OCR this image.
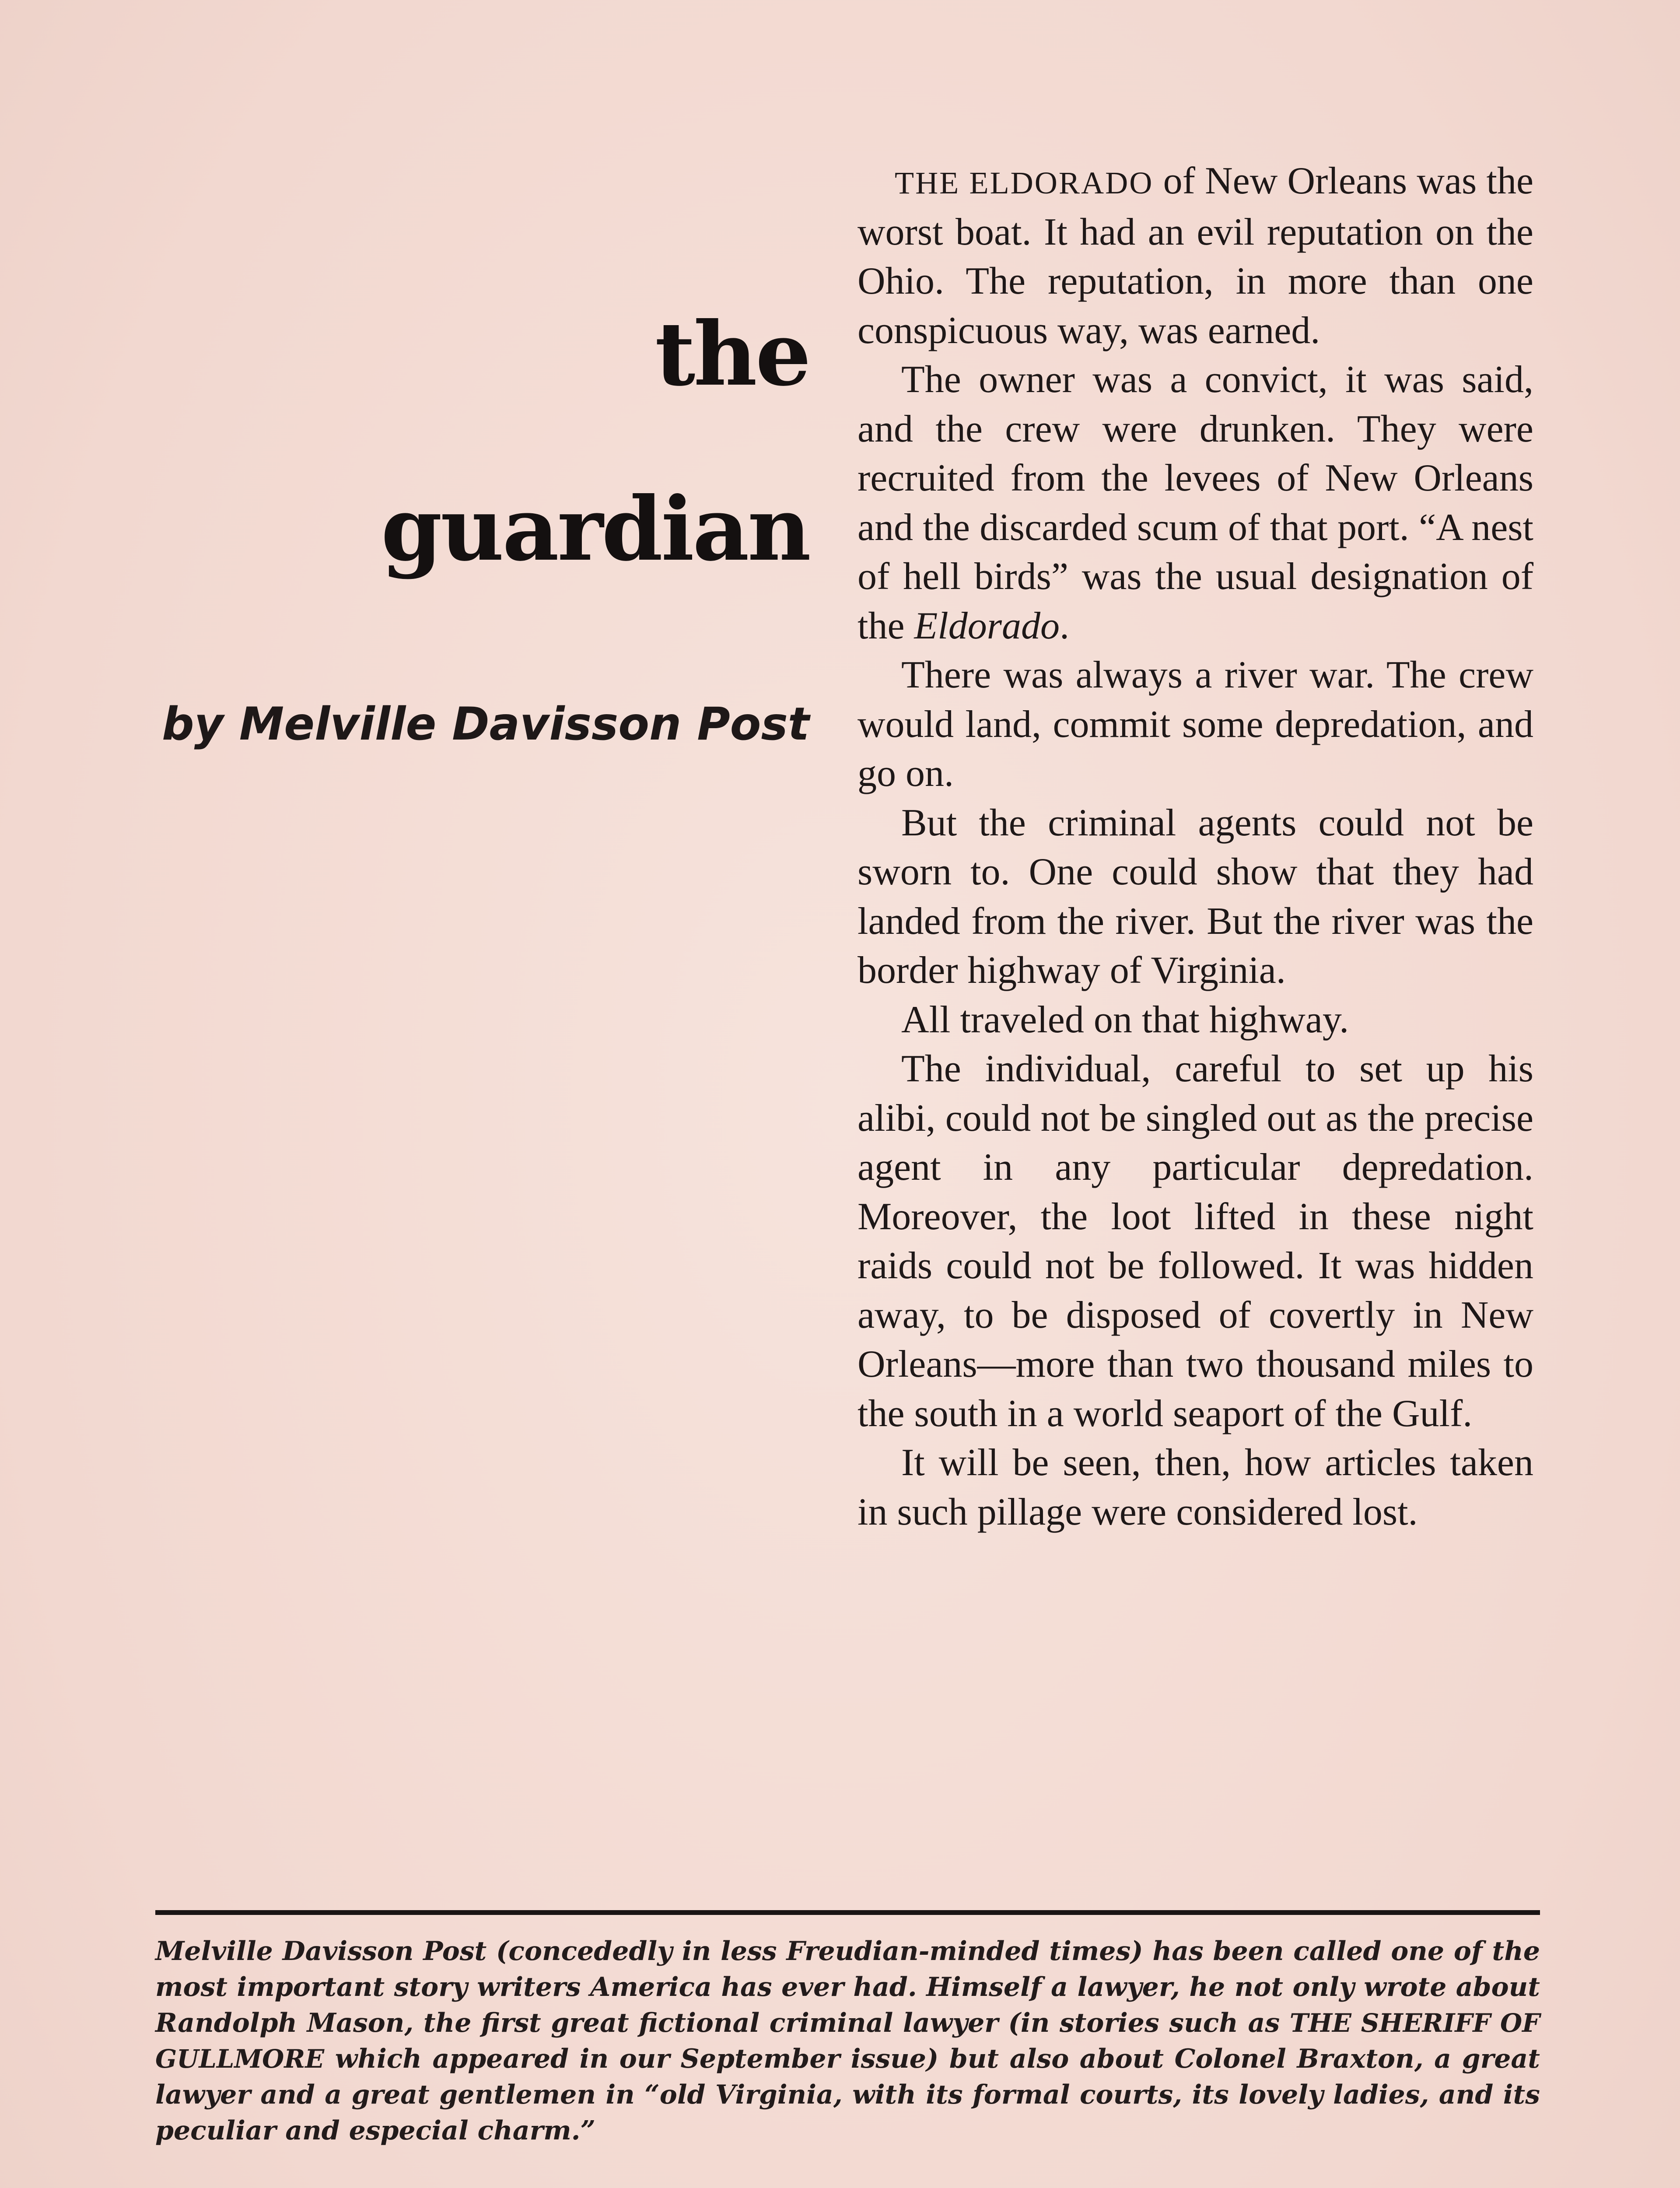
the
guardian

by Melville Davisson Post

THE ELDORADO of New Orleans was the worst boat. It had an evil reputation on the Ohio. The reputation, in more than one conspicuous way, was earned.

The owner was a convict, it was said, and the crew were drunken. They were recruited from the levees of New Orleans and the discarded scum of that port. “A nest of hell birds” was the usual designation of the Eldorado.

There was always a river war. The crew would land, commit some depredation, and go on.

But the criminal agents could not be sworn to. One could show that they had landed from the river. But the river was the border highway of Virginia.

All traveled on that highway.

The individual, careful to set up his alibi, could not be singled out as the precise agent in any particular depredation. Moreover, the loot lifted in these night raids could not be followed. It was hidden away, to be disposed of covertly in New Orleans—more than two thousand miles to the south in a world seaport of the Gulf.

It will be seen, then, how articles taken in such pillage were considered lost.

Melville Davisson Post (concededly in less Freudian-minded times) has been called one of the most important story writers America has ever had. Himself a lawyer, he not only wrote about Randolph Mason, the first great fictional criminal lawyer (in stories such as THE SHERIFF OF GULLMORE which appeared in our September issue) but also about Colonel Braxton, a great lawyer and a great gentlemen in “old Virginia, with its formal courts, its lovely ladies, and its peculiar and especial charm.”
